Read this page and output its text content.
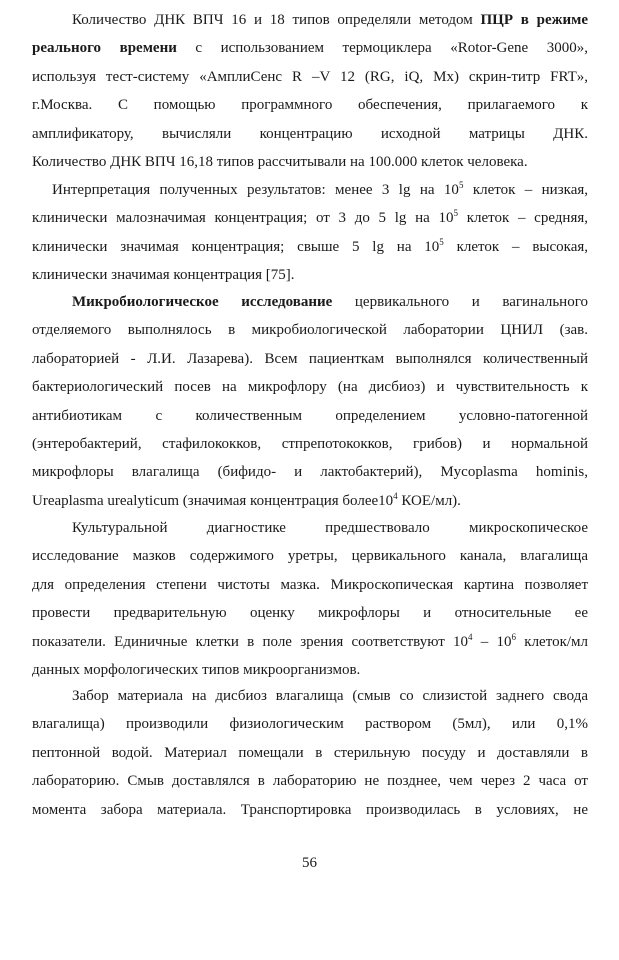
Количество ДНК ВПЧ 16 и 18 типов определяли методом ПЦР в режиме
реального времени с использованием термоциклера «Rotor-Gene 3000»,
используя тест-систему «АмплиСенс R –V 12 (RG, iQ, Mx) скрин-титр FRT»,
г.Москва. С помощью программного обеспечения, прилагаемого к
амплификатору, вычисляли концентрацию исходной матрицы ДНК.
Количество ДНК ВПЧ 16,18 типов рассчитывали на 100.000 клеток человека.

Интерпретация полученных результатов: менее 3 lg на $10^5$ клеток – низкая,
клинически малозначимая концентрация; от 3 до 5 lg на $10^5$ клеток – средняя,
клинически значимая концентрация; свыше 5 lg на $10^5$ клеток – высокая,
клинически значимая концентрация [75].

Микробиологическое исследование цервикального и вагинального
отделяемого выполнялось в микробиологической лаборатории ЦНИЛ (зав.
лабораторией - Л.И. Лазарева). Всем пациенткам выполнялся количественный
бактериологический посев на микрофлору (на дисбиоз) и чувствительность к
антибиотикам с количественным определением условно-патогенной
(энтеробактерий, стафилококков, стпрепотококков, грибов) и нормальной
микрофлоры влагалища (бифидо- и лактобактерий), Mycoplasma hominis,
Ureaplasma urealyticum (значимая концентрация $более10^4$ КОЕ/мл).

Культуральной диагностике предшествовало микроскопическое
исследование мазков содержимого уретры, цервикального канала, влагалища
для определения степени чистоты мазка. Микроскопическая картина позволяет
провести предварительную оценку микрофлоры и относительные ее
показатели. Единичные клетки в поле зрения соответствуют $10^4 - 10^6$ клеток/мл
данных морфологических типов микроорганизмов.

Забор материала на дисбиоз влагалища (смыв со слизистой заднего свода
влагалища) производили физиологическим раствором (5мл), или 0,1%
пептонной водой. Материал помещали в стерильную посуду и доставляли в
лабораторию. Смыв доставлялся в лабораторию не позднее, чем через 2 часа от
момента забора материала. Транспортировка производилась в условиях, не

56
